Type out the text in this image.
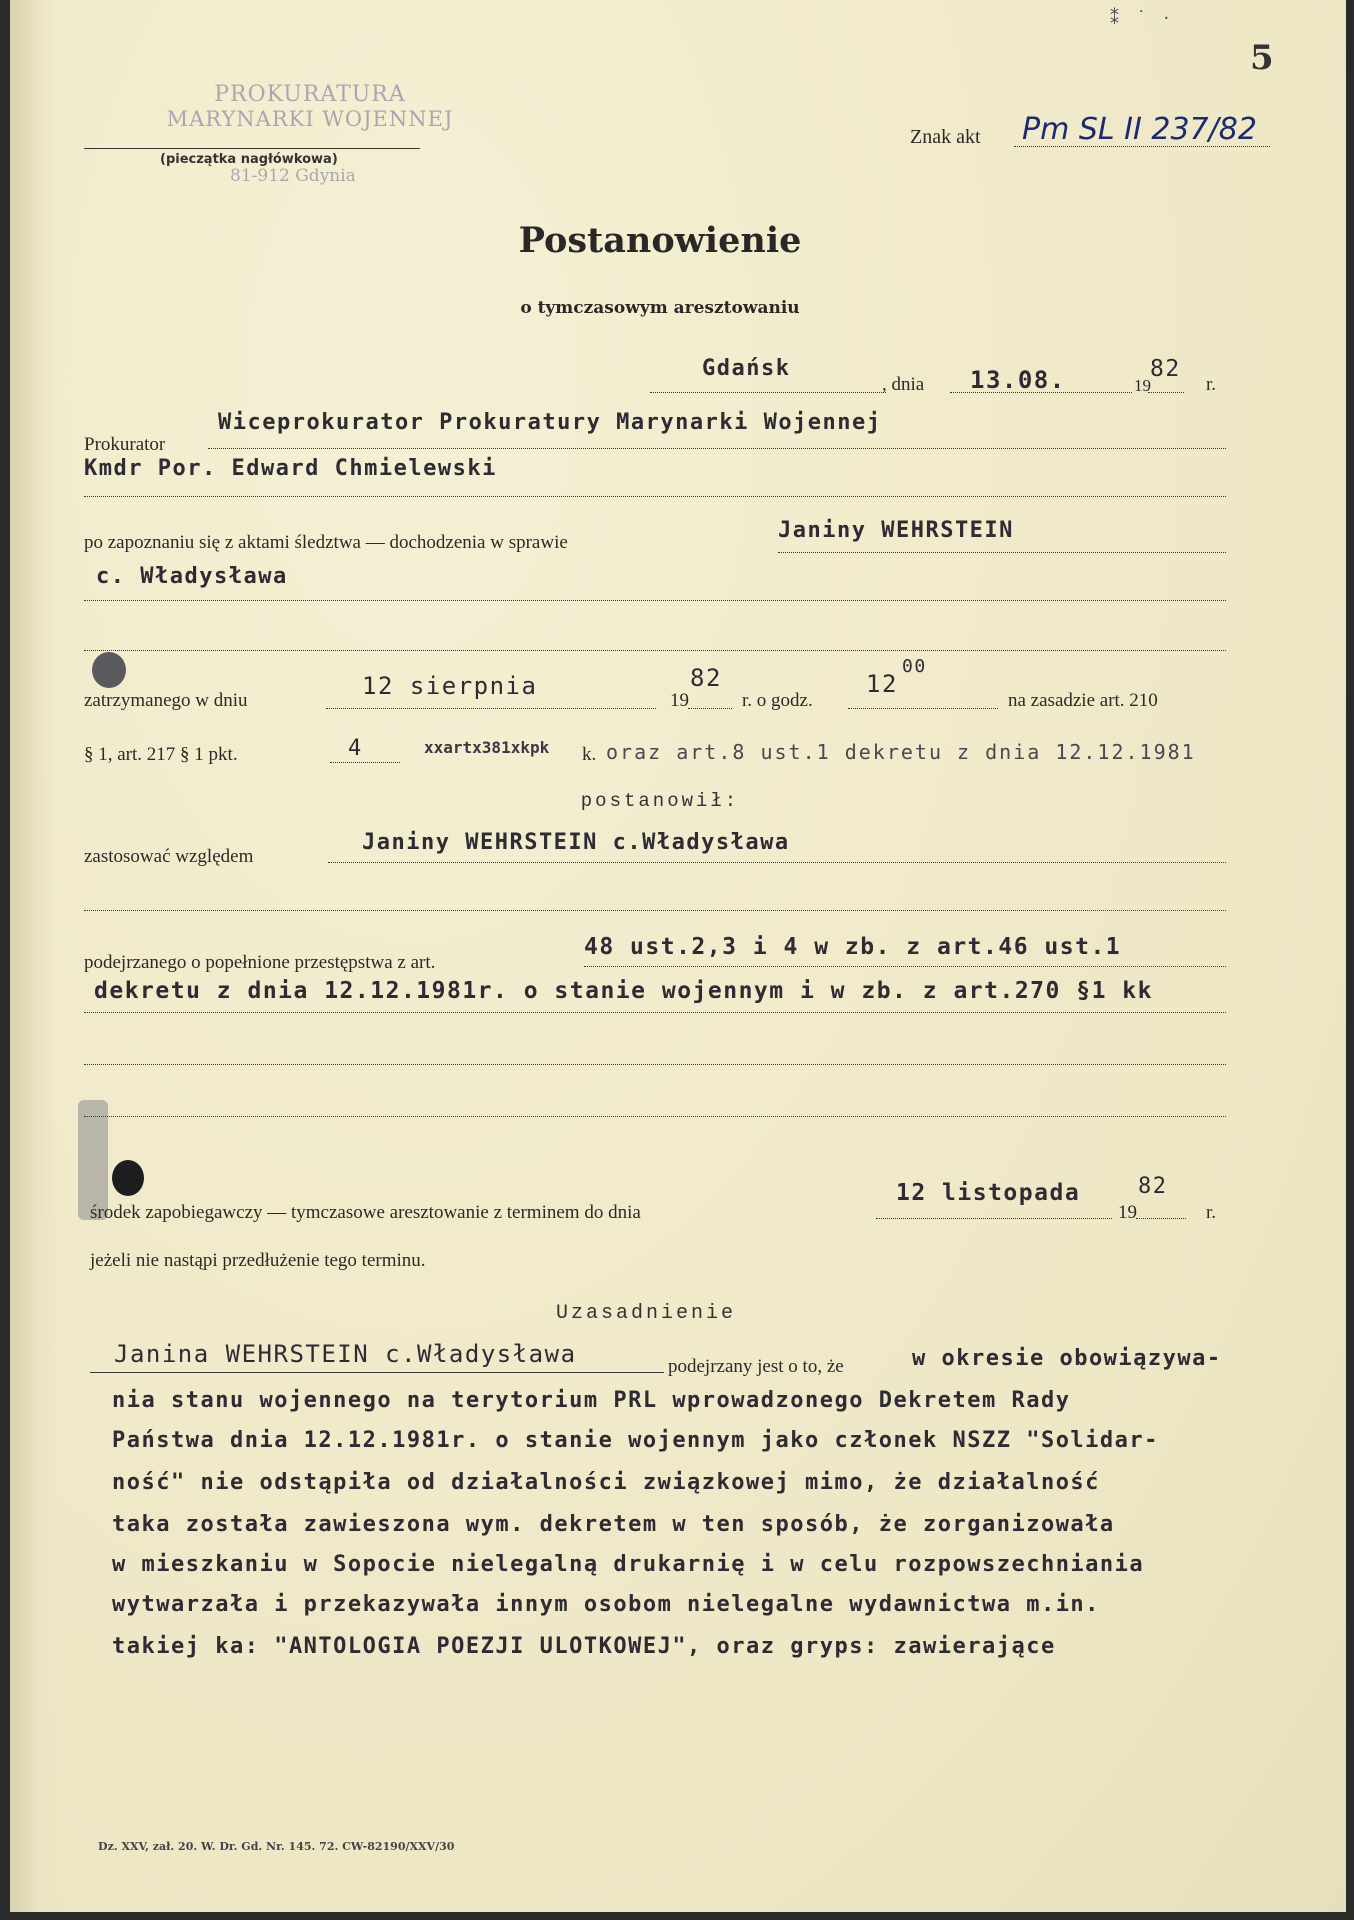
5
⁑ ˙ ·
PROKURATURA
MARYNARKI WOJENNEJ
(pieczątka nagłówkowa)
81-912 Gdynia
Znak akt Pm SL II 237/82
Postanowienie
o tymczasowym aresztowaniu
Gdańsk
, dnia 13.08.	19
82
r.
Prokurator
Wiceprokurator Prokuratury Marynarki Wojennej
Kmdr Por. Edward Chmielewski
po zapoznaniu się z aktami śledztwa — dochodzenia w sprawie	Janiny WEHRSTEIN
c. Władysława
zatrzymanego w dniu
12 sierpnia
19
82
r. o godz.
12
00
na zasadzie art. 210
§ 1, art. 217 § 1 pkt.	4	xxartx381xkpk k. oraz art.8 ust.1 dekretu z dnia 12.12.1981
postanowił:
zastosować względem
Janiny WEHRSTEIN c.Władysława
podejrzanego o popełnione przestępstwa z art.
48 ust.2,3 i 4 w zb. z art.46 ust.1
dekretu z dnia 12.12.1981r. o stanie wojennym i w zb. z art.270 §1 kk
środek zapobiegawczy — tymczasowe aresztowanie z terminem do dnia
12 listopada
19
82
r.
jeżeli nie nastąpi przedłużenie tego terminu.
Uzasadnienie
Janina WEHRSTEIN c.Władysława	podejrzany jest o to, że	w okresie obowiązywa-
nia stanu wojennego na terytorium PRL wprowadzonego Dekretem Rady
Państwa dnia 12.12.1981r. o stanie wojennym jako członek NSZZ "Solidar-
ność" nie odstąpiła od działalności związkowej mimo, że działalność
taka została zawieszona wym. dekretem w ten sposób, że zorganizowała
w mieszkaniu w Sopocie nielegalną drukarnię i w celu rozpowszechniania
wytwarzała i przekazywała innym osobom nielegalne wydawnictwa m.in.
takiej ka: "ANTOLOGIA POEZJI ULOTKOWEJ", oraz gryps: zawierające
Dz. XXV, zał. 20. W. Dr. Gd. Nr. 145. 72. CW-82190/XXV/30
